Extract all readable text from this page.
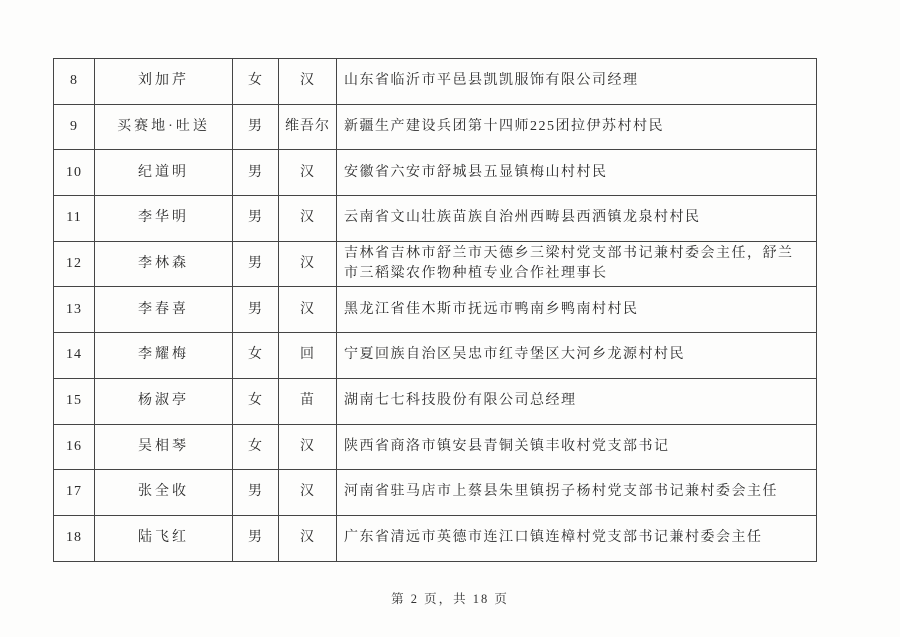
8	刘加芹	女	汉	山东省临沂市平邑县凯凯服饰有限公司经理
9	买赛地·吐送	男	维吾尔	新疆生产建设兵团第十四师225团拉伊苏村村民
10	纪道明	男	汉	安徽省六安市舒城县五显镇梅山村村民
11	李华明	男	汉	云南省文山壮族苗族自治州西畴县西洒镇龙泉村村民
12	李林森	男	汉	吉林省吉林市舒兰市天德乡三梁村党支部书记兼村委会主任，舒兰市三稻粱农作物种植专业合作社理事长
13	李春喜	男	汉	黑龙江省佳木斯市抚远市鸭南乡鸭南村村民
14	李耀梅	女	回	宁夏回族自治区吴忠市红寺堡区大河乡龙源村村民
15	杨淑亭	女	苗	湖南七七科技股份有限公司总经理
16	吴相琴	女	汉	陕西省商洛市镇安县青铜关镇丰收村党支部书记
17	张全收	男	汉	河南省驻马店市上蔡县朱里镇拐子杨村党支部书记兼村委会主任
18	陆飞红	男	汉	广东省清远市英德市连江口镇连樟村党支部书记兼村委会主任
第 2 页，共 18 页
